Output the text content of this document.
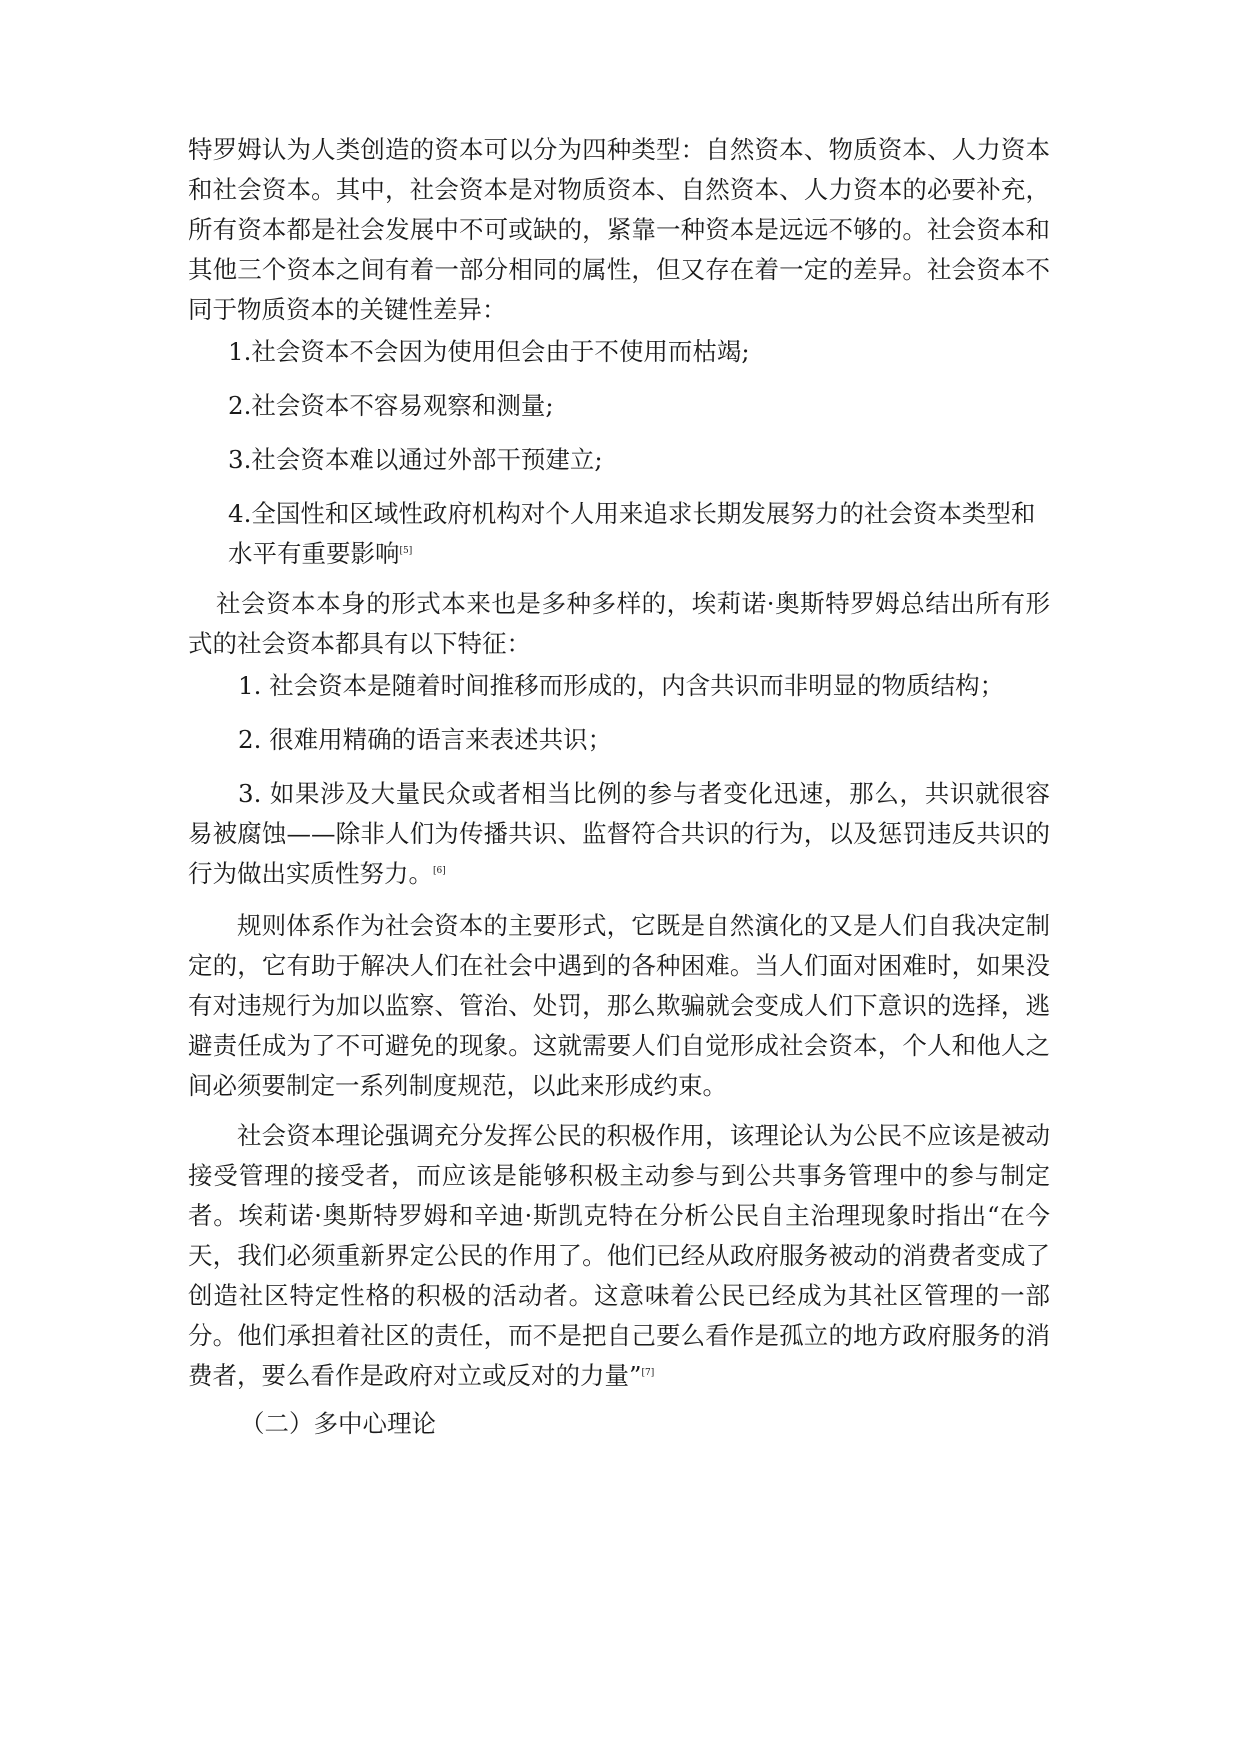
特罗姆认为人类创造的资本可以分为四种类型：自然资本、物质资本、人力资本和社会资本。其中，社会资本是对物质资本、自然资本、人力资本的必要补充，所有资本都是社会发展中不可或缺的，紧靠一种资本是远远不够的。社会资本和其他三个资本之间有着一部分相同的属性，但又存在着一定的差异。社会资本不同于物质资本的关键性差异：

1.社会资本不会因为使用但会由于不使用而枯竭;

2.社会资本不容易观察和测量;

3.社会资本难以通过外部干预建立;

4.全国性和区域性政府机构对个人用来追求长期发展努力的社会资本类型和水平有重要影响[5]

社会资本本身的形式本来也是多种多样的，埃莉诺·奥斯特罗姆总结出所有形式的社会资本都具有以下特征：

1. 社会资本是随着时间推移而形成的，内含共识而非明显的物质结构；

2. 很难用精确的语言来表述共识；

3. 如果涉及大量民众或者相当比例的参与者变化迅速，那么，共识就很容易被腐蚀——除非人们为传播共识、监督符合共识的行为，以及惩罚违反共识的行为做出实质性努力。[6]

规则体系作为社会资本的主要形式，它既是自然演化的又是人们自我决定制定的，它有助于解决人们在社会中遇到的各种困难。当人们面对困难时，如果没有对违规行为加以监察、管治、处罚，那么欺骗就会变成人们下意识的选择，逃避责任成为了不可避免的现象。这就需要人们自觉形成社会资本，个人和他人之间必须要制定一系列制度规范，以此来形成约束。

社会资本理论强调充分发挥公民的积极作用，该理论认为公民不应该是被动接受管理的接受者，而应该是能够积极主动参与到公共事务管理中的参与制定者。埃莉诺·奥斯特罗姆和辛迪·斯凯克特在分析公民自主治理现象时指出“在今天，我们必须重新界定公民的作用了。他们已经从政府服务被动的消费者变成了创造社区特定性格的积极的活动者。这意味着公民已经成为其社区管理的一部分。他们承担着社区的责任，而不是把自己要么看作是孤立的地方政府服务的消费者，要么看作是政府对立或反对的力量”[7]

（二）多中心理论
